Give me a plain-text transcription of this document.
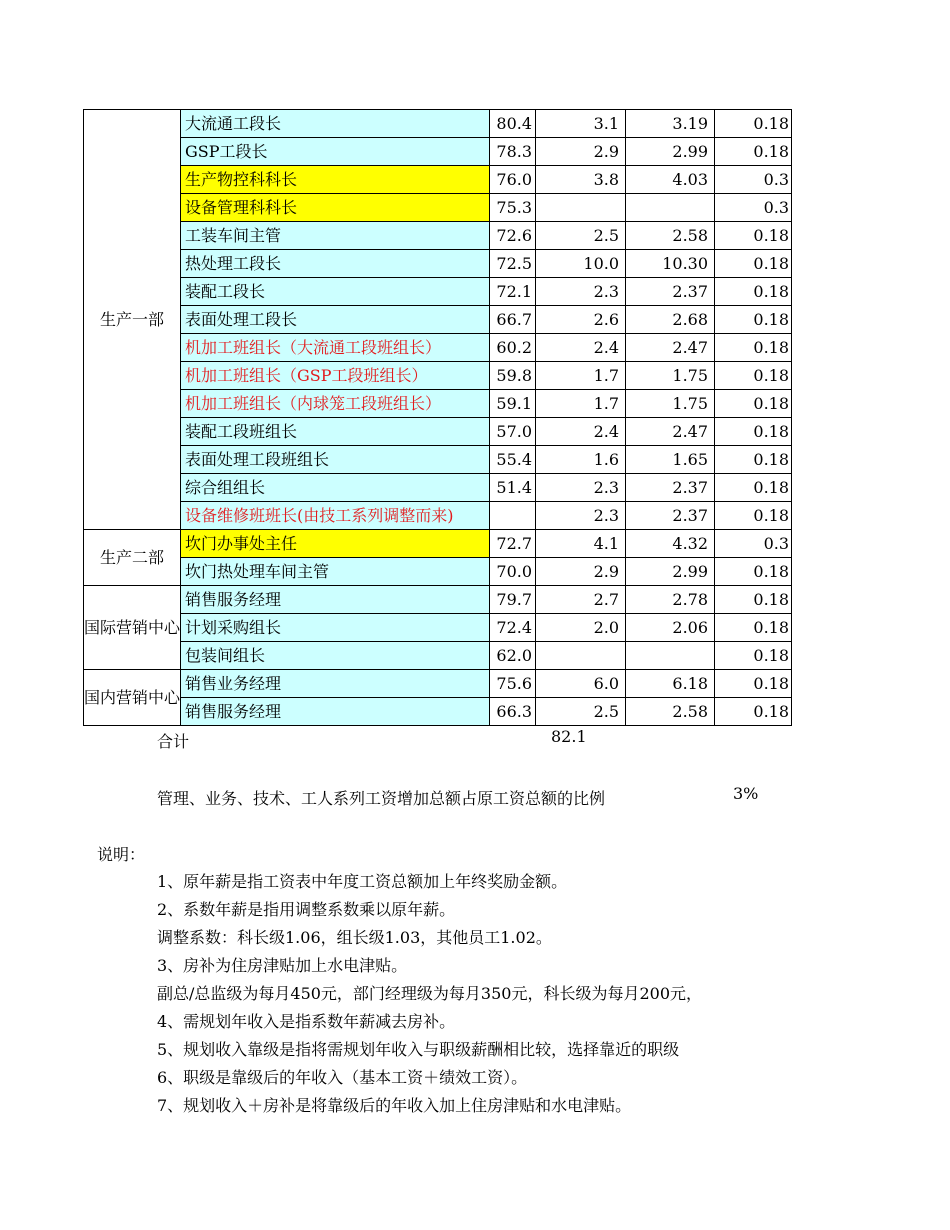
生产一部	大流通工段长	80.4	3.1	3.19	0.18
	GSP工段长	78.3	2.9	2.99	0.18
	生产物控科科长	76.0	3.8	4.03	0.3
	设备管理科科长	75.3			0.3
	工装车间主管	72.6	2.5	2.58	0.18
	热处理工段长	72.5	10.0	10.30	0.18
	装配工段长	72.1	2.3	2.37	0.18
	表面处理工段长	66.7	2.6	2.68	0.18
	机加工班组长（大流通工段班组长）	60.2	2.4	2.47	0.18
	机加工班组长（GSP工段班组长）	59.8	1.7	1.75	0.18
	机加工班组长（内球笼工段班组长）	59.1	1.7	1.75	0.18
	装配工段班组长	57.0	2.4	2.47	0.18
	表面处理工段班组长	55.4	1.6	1.65	0.18
	综合组组长	51.4	2.3	2.37	0.18
	设备维修班班长(由技工系列调整而来)		2.3	2.37	0.18
生产二部	坎门办事处主任	72.7	4.1	4.32	0.3
	坎门热处理车间主管	70.0	2.9	2.99	0.18
国际营销中心	销售服务经理	79.7	2.7	2.78	0.18
	计划采购组长	72.4	2.0	2.06	0.18
	包装间组长	62.0			0.18
国内营销中心	销售业务经理	75.6	6.0	6.18	0.18
	销售服务经理	66.3	2.5	2.58	0.18
合计	82.1
管理、业务、技术、工人系列工资增加总额占原工资总额的比例	3%
说明：
1、原年薪是指工资表中年度工资总额加上年终奖励金额。
2、系数年薪是指用调整系数乘以原年薪。
调整系数：科长级1.06，组长级1.03，其他员工1.02。
3、房补为住房津贴加上水电津贴。
副总/总监级为每月450元，部门经理级为每月350元，科长级为每月200元，
4、需规划年收入是指系数年薪减去房补。
5、规划收入靠级是指将需规划年收入与职级薪酬相比较，选择靠近的职级
6、职级是靠级后的年收入（基本工资＋绩效工资）。
7、规划收入＋房补是将靠级后的年收入加上住房津贴和水电津贴。
